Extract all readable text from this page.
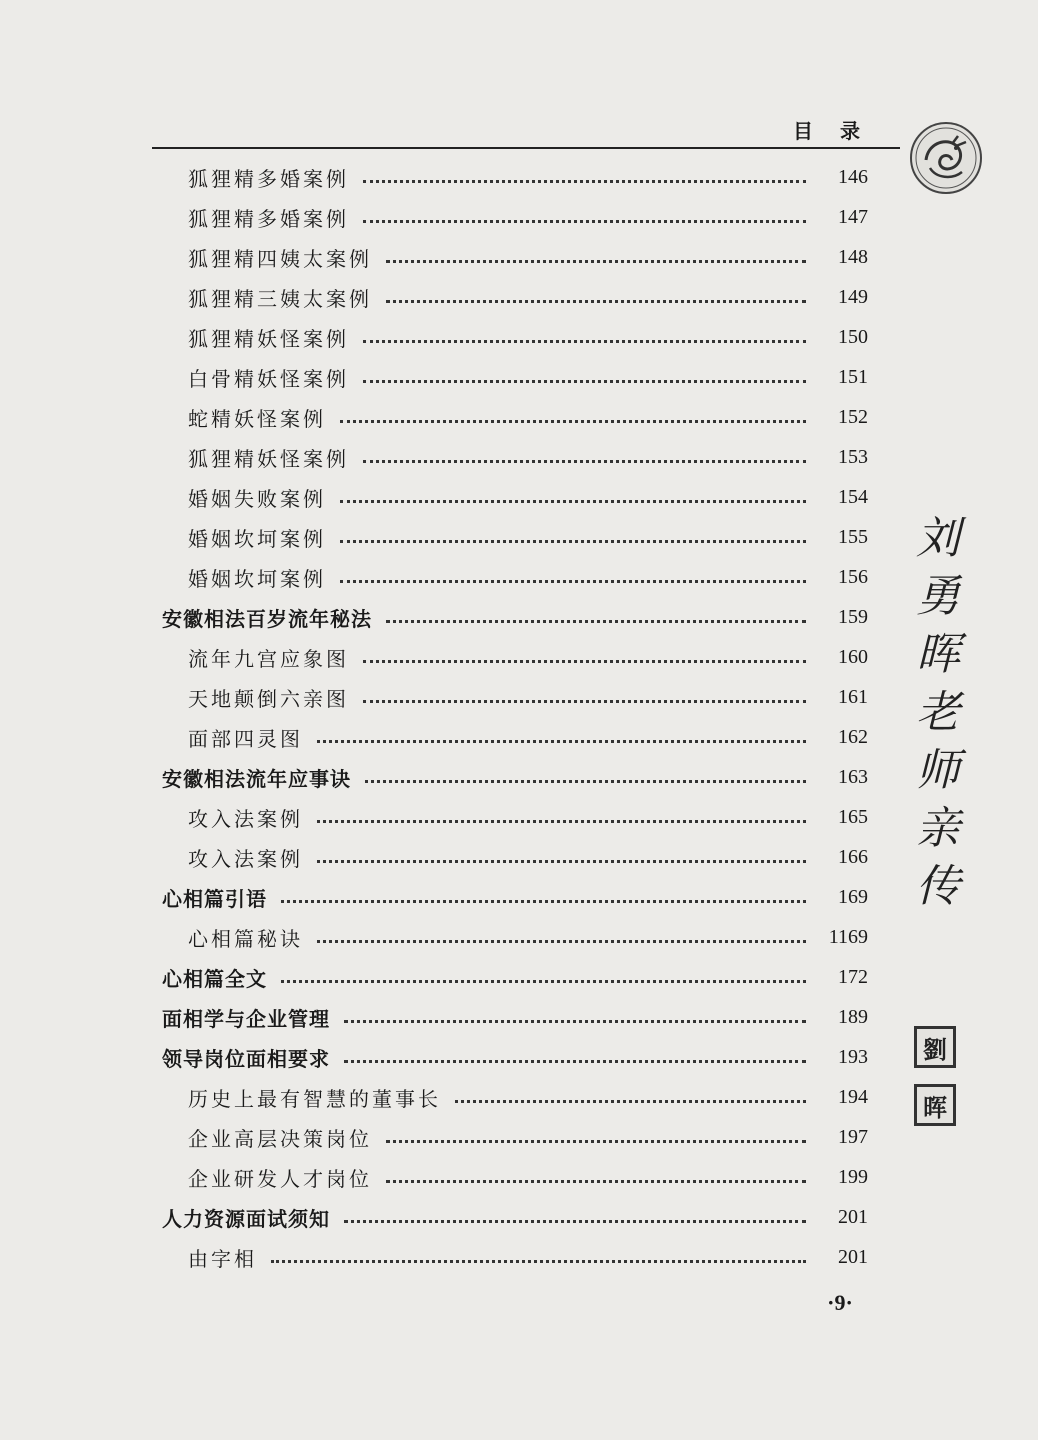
目 录
狐狸精多婚案例	146
狐狸精多婚案例	147
狐狸精四姨太案例	148
狐狸精三姨太案例	149
狐狸精妖怪案例	150
白骨精妖怪案例	151
蛇精妖怪案例	152
狐狸精妖怪案例	153
婚姻失败案例	154
婚姻坎坷案例	155
婚姻坎坷案例	156
安徽相法百岁流年秘法	159
流年九宫应象图	160
天地颠倒六亲图	161
面部四灵图	162
安徽相法流年应事诀	163
攻入法案例	165
攻入法案例	166
心相篇引语	169
心相篇秘诀	1169
心相篇全文	172
面相学与企业管理	189
领导岗位面相要求	193
历史上最有智慧的董事长	194
企业高层决策岗位	197
企业研发人才岗位	199
人力资源面试须知	201
由字相	201
刘
勇
晖
老
师
亲
传
劉
晖
·9·
